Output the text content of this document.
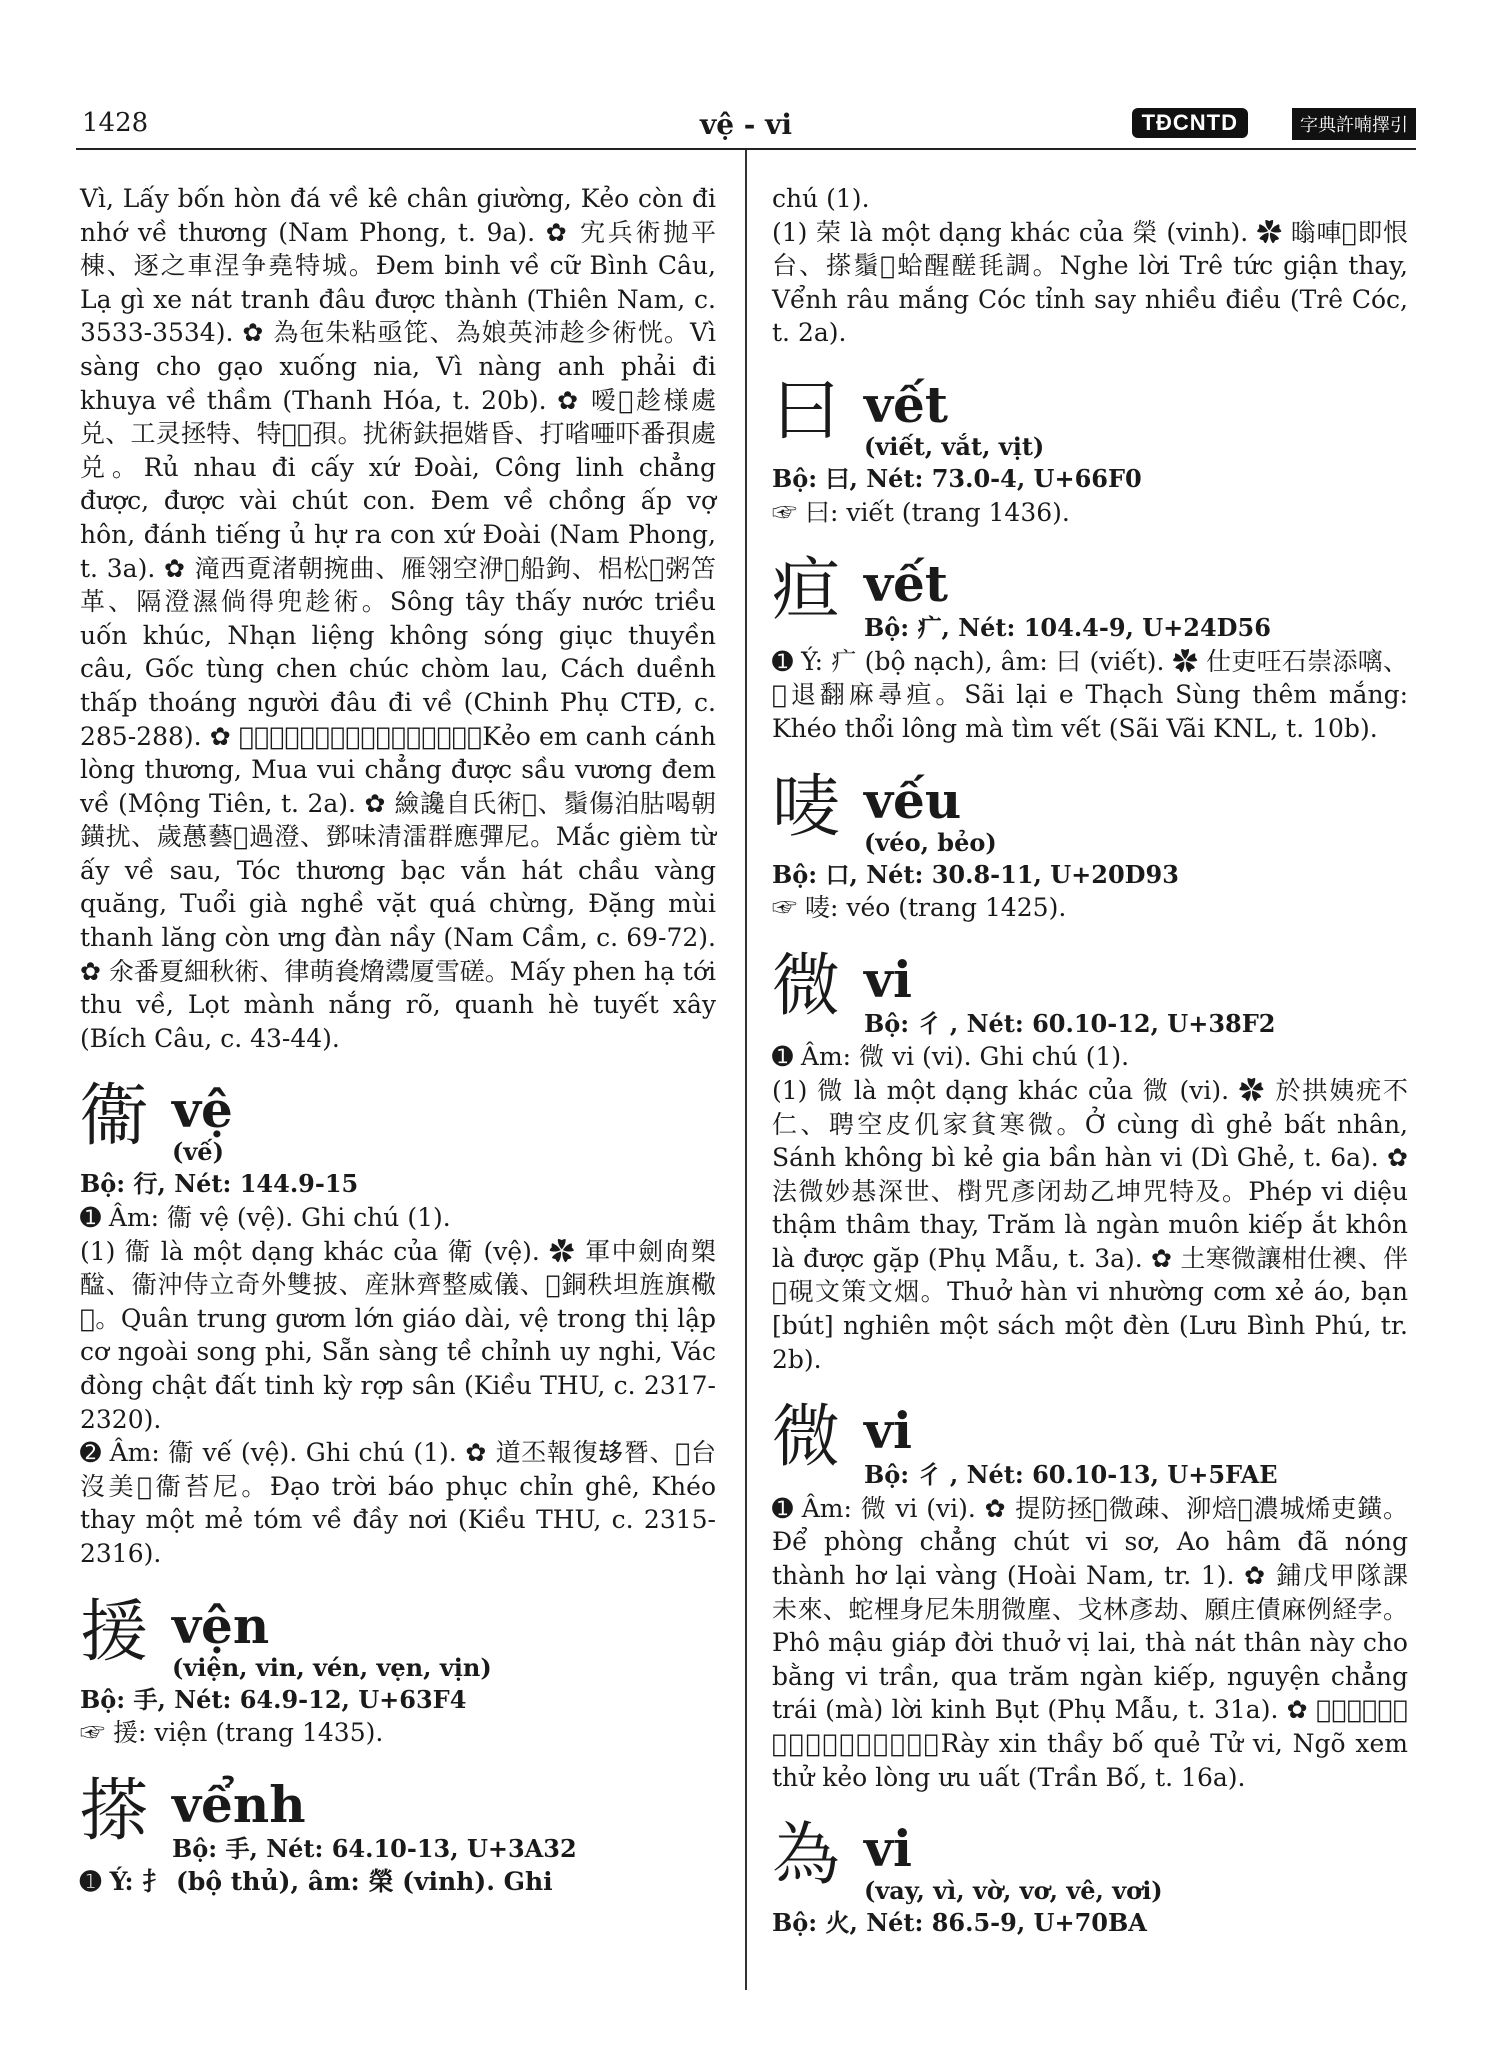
1428	vệ - vi	TĐCNTD	字典許喃擇引

Vì, Lấy bốn hòn đá về kê chân giường, Kẻo còn đi nhớ về thương (Nam Phong, t. 9a). ✿ 宄兵術抛平棟、逐之車涅争堯特城。Đem binh về cữ Bình Câu, Lạ gì xe nát tranh đâu được thành (Thiên Nam, c. 3533-3534). ✿ 為㐌朱粘亟笓、為娘英沛趁㐱術恍。Vì sàng cho gạo xuống nia, Vì nàng anh phải đi khuya về thầm (Thanh Hóa, t. 20b). ✿ 嗳𩛷趁様處兑、工灵拯特、特𠁀𨀎孭。扰術鈇挹媘昏、打㗂唖吓番孭處兑。Rủ nhau đi cấy xứ Đoài, Công linh chẳng được, được vài chút con. Đem về chồng ấp vợ hôn, đánh tiếng ủ hự ra con xứ Đoài (Nam Phong, t. 3a). ✿ 滝西覔渚朝捥曲、雁翎空洢𠽖船鉤、梠松𣝸粥笘革、隔澄濕倘得兜趁術。Sông tây thấy nước triều uốn khúc, Nhạn liệng không sóng giục thuyền câu, Gốc tùng chen chúc chòm lau, Cách duềnh thấp thoáng người đâu đi về (Chinh Phụ CTĐ, c. 285-288). ✿ 𤽗㛪更竟悉傷、謨恊庄特愁王扰術。Kẻo em canh cánh lòng thương, Mua vui chẳng được sầu vương đem về (Mộng Tiên, t. 2a). ✿ 䌞讒自氏術𩬆、鬚傷泊𦙶喝朝鐄扰、歲𦽳藝𠇍過澄、鄧味清㵢群應彈尼。Mắc gièm từ ấy về sau, Tóc thương bạc vắn hát chầu vàng quăng, Tuổi già nghề vặt quá chừng, Đặng mùi thanh lăng còn ưng đàn nầy (Nam Cầm, c. 69-72). ✿ 氽番夏細秋術、律萌㷃熁𩰾厦雪磋。Mấy phen hạ tới thu về, Lọt mành nắng rõ, quanh hè tuyết xây (Bích Câu, c. 43-44).

衞 vệ
(vế)

Bộ: 行, Nét: 144.9-15

➊ Âm: 衞 vệ (vệ). Ghi chú (1).

(1) 衞 là một dạng khác của 衛 (vệ). ✿ 軍中劍㕯槊䤈、衞沖侍立奇外雙披、産牀齊整威儀、𢝙銅秩坦旌旗㯳𢴙。Quân trung gươm lớn giáo dài, vệ trong thị lập cơ ngoài song phi, Sẵn sàng tề chỉnh uy nghi, Vác đòng chật đất tinh kỳ rợp sân (Kiều THU, c. 2317-2320).

➋ Âm: 衞 vế (vệ). Ghi chú (1). ✿ 道丕報復𠫾朁、𡳰台沒美𦀊衞苔尼。Đạo trời báo phục chỉn ghê, Khéo thay một mẻ tóm về đầy nơi (Kiều THU, c. 2315-2316).

援 vện
(viện, vin, vén, vẹn, vịn)

Bộ: 手, Nét: 64.9-12, U+63F4

☞ 援: viện (trang 1435).

搽 vểnh
Bộ: 手, Nét: 64.10-13, U+3A32

➊ Ý: 扌 (bộ thủ), âm: 榮 (vinh). Ghi

chú (1).

(1) 荣 là một dạng khác của 榮 (vinh). ✿ 暡唓𠓨即恨台、搽鬚𪙼蛤醒醝㲎調。Nghe lời Trê tức giận thay, Vểnh râu mắng Cóc tỉnh say nhiều điều (Trê Cóc, t. 2a).

曰 vết
(viết, vắt, vịt)

Bộ: 曰, Nét: 73.0-4, U+66F0

☞ 曰: viết (trang 1436).

疸 vết
Bộ: 疒, Nét: 104.4-9, U+24D56

➊ Ý: 疒 (bộ nạch), âm: 曰 (viết). ✿ 仕吏㕵石崇添𠻗、𡳰退翻麻尋疸。Sãi lại e Thạch Sùng thêm mắng: Khéo thổi lông mà tìm vết (Sãi Vãi KNL, t. 10b).

唛 vếu
(véo, bẻo)

Bộ: 口, Nét: 30.8-11, U+20D93

☞ 唛: véo (trang 1425).

微 vi
Bộ: 彳 , Nét: 60.10-12, U+38F2

➊ Âm: 微 vi (vi). Ghi chú (1).

(1) 微 là một dạng khác của 微 (vi). ✿ 於拱姨疣不仁、聘空皮仉家貧寒微。Ở cùng dì ghẻ bất nhân, Sánh không bì kẻ gia bần hàn vi (Dì Ghẻ, t. 6a). ✿ 法微妙惎深世、𣝉咒彥闭劫乙坤咒特及。Phép vi diệu thậm thâm thay, Trăm là ngàn muôn kiếp ắt khôn là được gặp (Phụ Mẫu, t. 3a). ✿ 土寒微讓柑仕襖、伴𡁱硯文策文烟。Thuở hàn vi nhường cơm xẻ áo, bạn [bút] nghiên một sách một đèn (Lưu Bình Phú, tr. 2b).

微 vi
Bộ: 彳 , Nét: 60.10-13, U+5FAE

➊ Âm: 微 vi (vi). ✿ 提防拯𨁪微疎、泖焙𠤆濃城烯吏鐄。Để phòng chẳng chút vi sơ, Ao hâm đã nóng thành hơ lại vàng (Hoài Nam, tr. 1). ✿ 鋪戊甲隊課未來、蛇梩身尼朱朋微塵、戈林彥劫、願庄債麻例経孛。Phô mậu giáp đời thuở vị lai, thà nát thân này cho bằng vi trần, qua trăm ngàn kiếp, nguyện chẳng trái (mà) lời kinh Bụt (Phụ Mẫu, t. 31a). ✿ 𠸠嗔𠍣布魅紫微、咋眲此𤽗悉憂欝。Rày xin thầy bố quẻ Tử vi, Ngõ xem thử kẻo lòng ưu uất (Trần Bố, t. 16a).

為 vi
(vay, vì, vờ, vơ, vê, vơi)

Bộ: 火, Nét: 86.5-9, U+70BA
